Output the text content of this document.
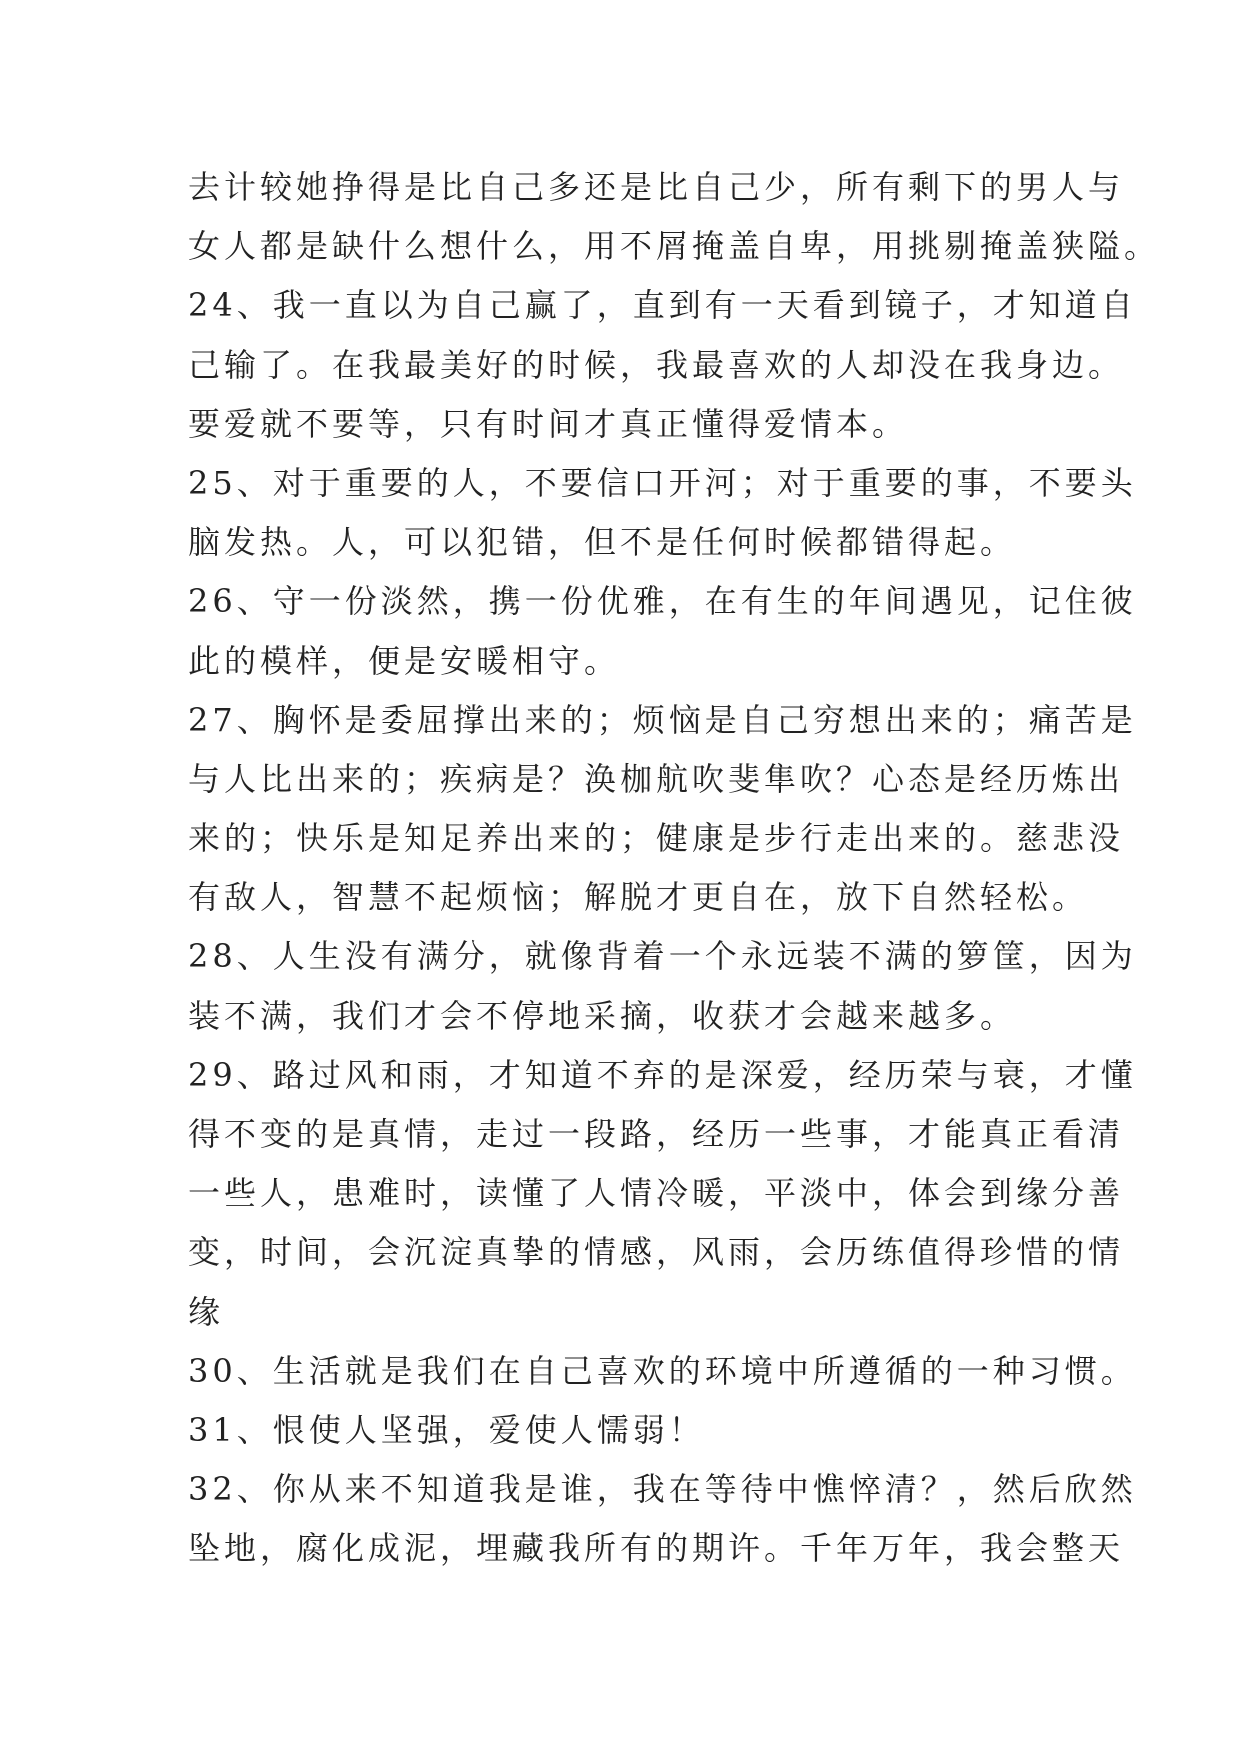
去计较她挣得是比自己多还是比自己少，所有剩下的男人与
女人都是缺什么想什么，用不屑掩盖自卑，用挑剔掩盖狭隘。
24、我一直以为自己赢了，直到有一天看到镜子，才知道自
己输了。在我最美好的时候，我最喜欢的人却没在我身边。
要爱就不要等，只有时间才真正懂得爱情本。
25、对于重要的人，不要信口开河；对于重要的事，不要头
脑发热。人，可以犯错，但不是任何时候都错得起。
26、守一份淡然，携一份优雅，在有生的年间遇见，记住彼
此的模样，便是安暖相守。
27、胸怀是委屈撑出来的；烦恼是自己穷想出来的；痛苦是
与人比出来的；疾病是？涣枷航吹斐隼吹？心态是经历炼出
来的；快乐是知足养出来的；健康是步行走出来的。慈悲没
有敌人，智慧不起烦恼；解脱才更自在，放下自然轻松。
28、人生没有满分，就像背着一个永远装不满的箩筐，因为
装不满，我们才会不停地采摘，收获才会越来越多。
29、路过风和雨，才知道不弃的是深爱，经历荣与衰，才懂
得不变的是真情，走过一段路，经历一些事，才能真正看清
一些人，患难时，读懂了人情冷暖，平淡中，体会到缘分善
变，时间，会沉淀真挚的情感，风雨，会历练值得珍惜的情
缘
30、生活就是我们在自己喜欢的环境中所遵循的一种习惯。
31、恨使人坚强，爱使人懦弱！
32、你从来不知道我是谁，我在等待中憔悴清？，然后欣然
坠地，腐化成泥，埋藏我所有的期许。千年万年，我会整天
